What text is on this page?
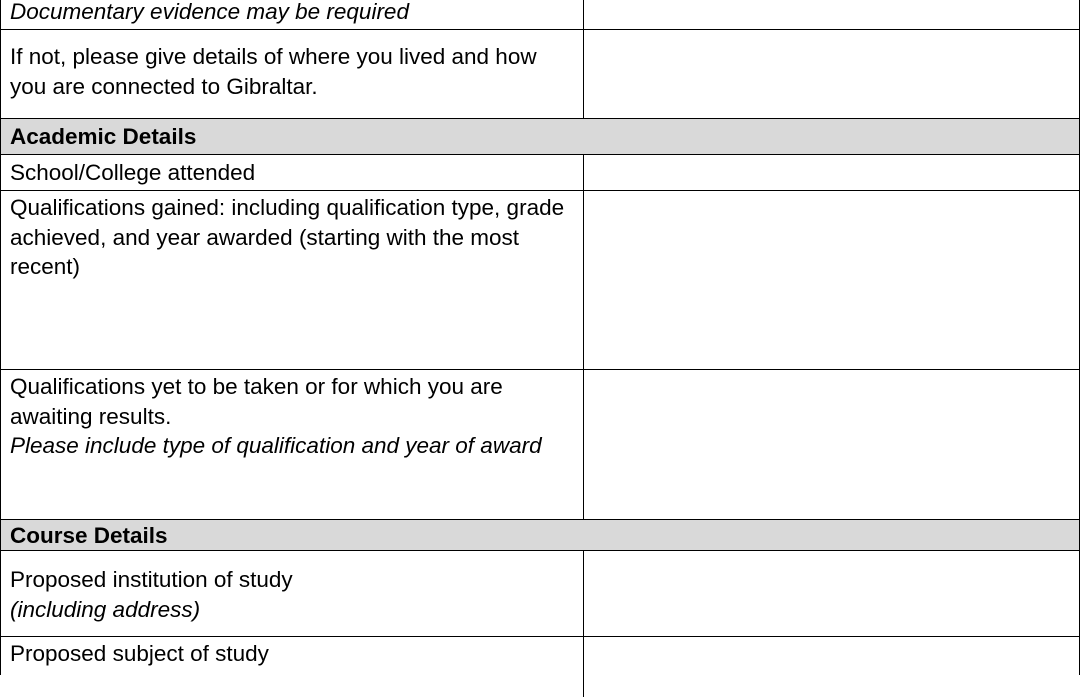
Documentary evidence may be required
If not, please give details of where you lived and how you are connected to Gibraltar.
Academic Details
School/College attended
Qualifications gained: including qualification type, grade achieved, and year awarded (starting with the most recent)
Qualifications yet to be taken or for which you are awaiting results.
Please include type of qualification and year of award
Course Details
Proposed institution of study
(including address)
Proposed subject of study
